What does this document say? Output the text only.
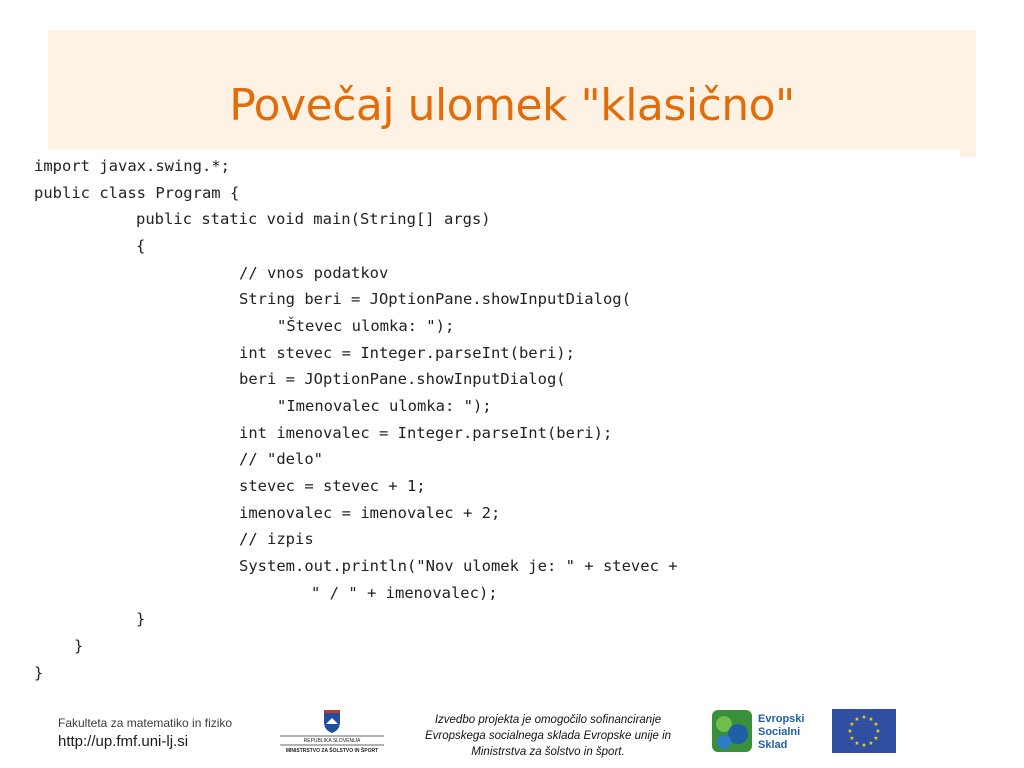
Povečaj ulomek "klasično"
import javax.swing.*;
public class Program {
public static void main(String[] args)
{
// vnos podatkov
String beri = JOptionPane.showInputDialog(
"Števec ulomka: ");
int stevec = Integer.parseInt(beri);
beri = JOptionPane.showInputDialog(
"Imenovalec ulomka: ");
int imenovalec = Integer.parseInt(beri);
// "delo"
stevec = stevec + 1;
imenovalec = imenovalec + 2;
// izpis
System.out.println("Nov ulomek je: " + stevec +
" / " + imenovalec);
}
}
}
Fakulteta za matematiko in fiziko
http://up.fmf.uni-lj.si	REPUBLIKA SLOVENIJA
MINISTRSTVO ZA ŠOLSTVO IN ŠPORT
Izvedbo projekta je omogočilo sofinanciranje
Evropskega socialnega sklada Evropske unije in
Ministrstva za šolstvo in šport.
Evropski
Socialni
Sklad
★ ★
★
★
★
★
★
★
★
★
★
★
